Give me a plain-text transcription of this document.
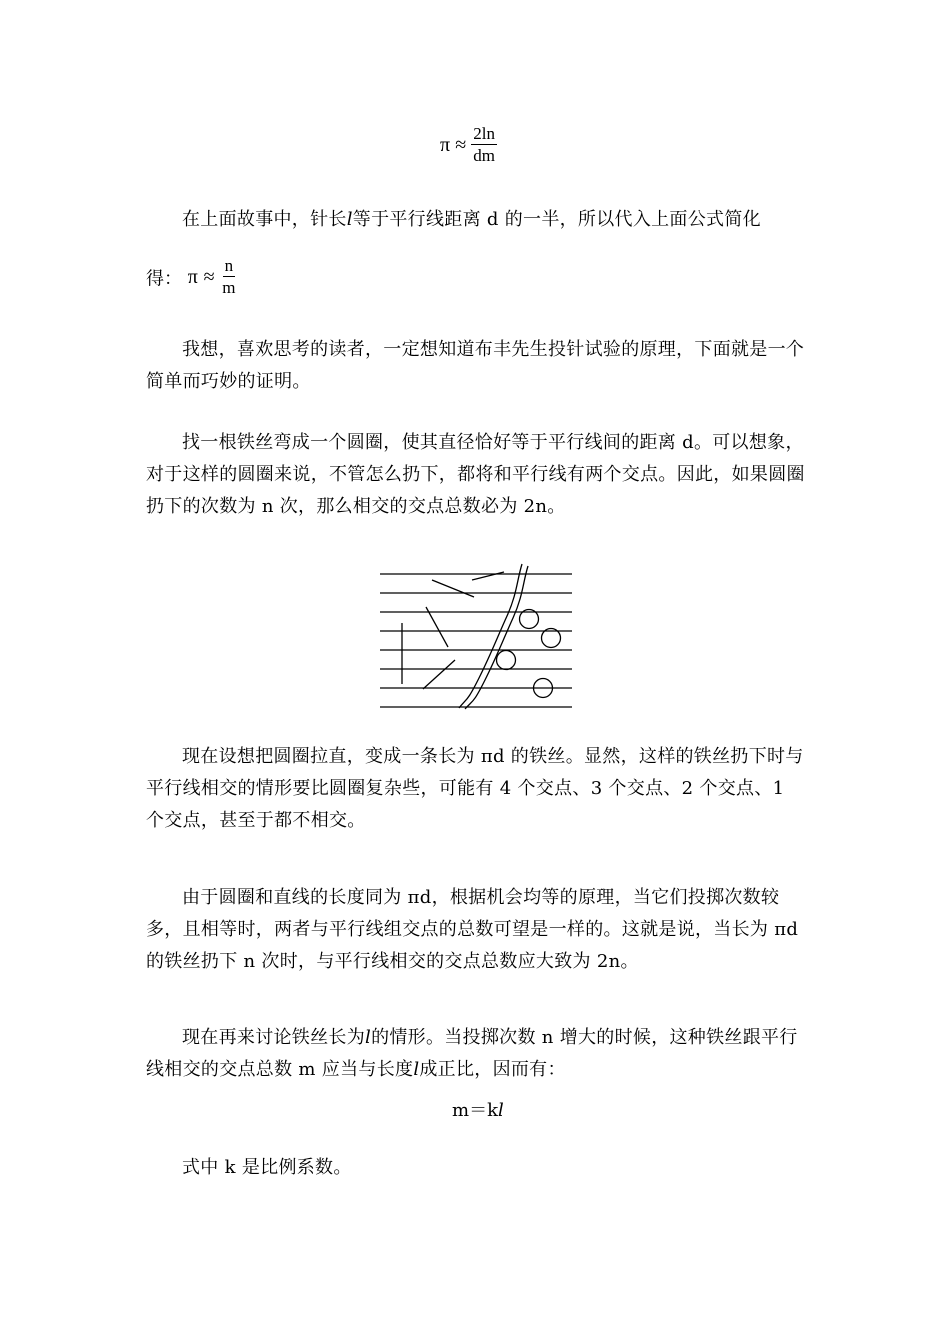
$\pi \approx \frac{2\ln}{dm}$

在上面故事中，针长l等于平行线距离 d 的一半，所以代入上面公式简化

得： $\pi \approx \frac{n}{m}$

我想，喜欢思考的读者，一定想知道布丰先生投针试验的原理，下面就是一个简单而巧妙的证明。

找一根铁丝弯成一个圆圈，使其直径恰好等于平行线间的距离 d。可以想象，对于这样的圆圈来说，不管怎么扔下，都将和平行线有两个交点。因此，如果圆圈扔下的次数为 n 次，那么相交的交点总数必为 2n。

现在设想把圆圈拉直，变成一条长为 πd 的铁丝。显然，这样的铁丝扔下时与平行线相交的情形要比圆圈复杂些，可能有 4 个交点、3 个交点、2 个交点、1 个交点，甚至于都不相交。

由于圆圈和直线的长度同为 πd，根据机会均等的原理，当它们投掷次数较多，且相等时，两者与平行线组交点的总数可望是一样的。这就是说，当长为 πd 的铁丝扔下 n 次时，与平行线相交的交点总数应大致为 2n。

现在再来讨论铁丝长为l的情形。当投掷次数 n 增大的时候，这种铁丝跟平行线相交的交点总数 m 应当与长度l成正比，因而有：

m＝kl

式中 k 是比例系数。
